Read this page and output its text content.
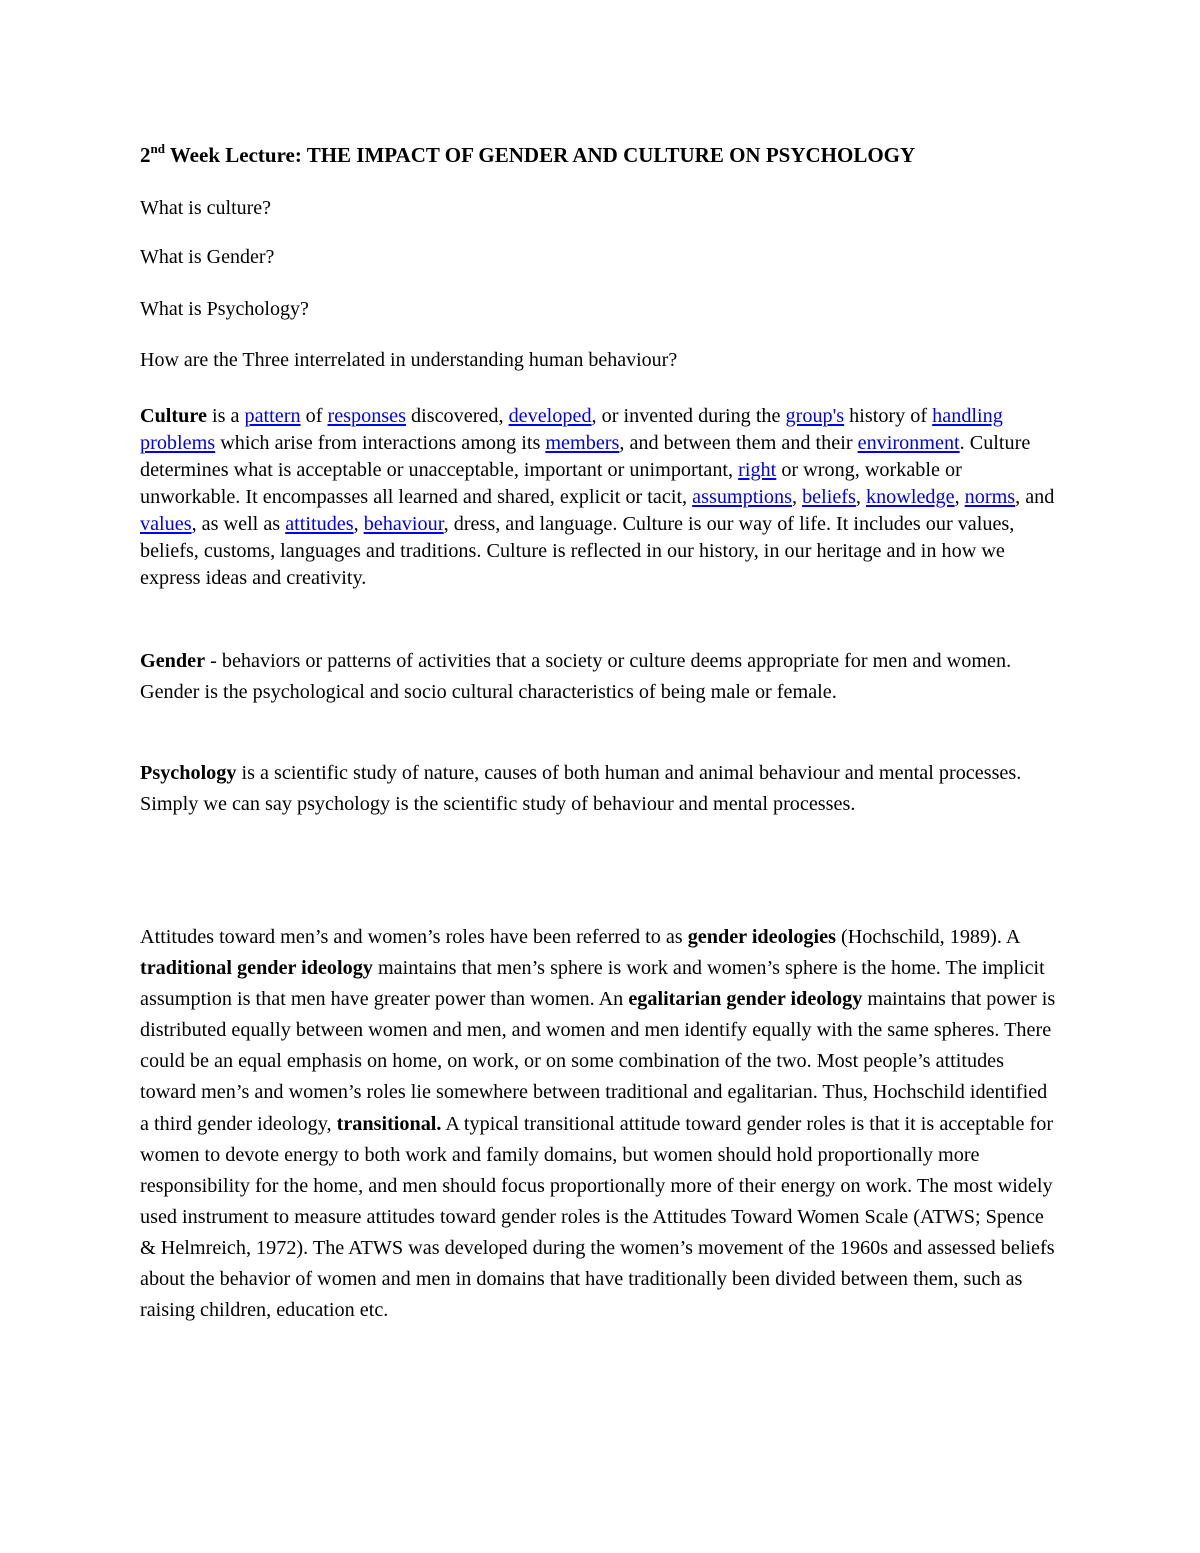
2nd Week Lecture: THE IMPACT OF GENDER AND CULTURE ON PSYCHOLOGY
What is culture?
What is Gender?
What is Psychology?
How are the Three interrelated in understanding human behaviour?
Culture is a pattern of responses discovered, developed, or invented during the group's history of handling problems which arise from interactions among its members, and between them and their environment. Culture determines what is acceptable or unacceptable, important or unimportant, right or wrong, workable or unworkable. It encompasses all learned and shared, explicit or tacit, assumptions, beliefs, knowledge, norms, and values, as well as attitudes, behaviour, dress, and language. Culture is our way of life. It includes our values, beliefs, customs, languages and traditions. Culture is reflected in our history, in our heritage and in how we express ideas and creativity.
Gender - behaviors or patterns of activities that a society or culture deems appropriate for men and women. Gender is the psychological and socio cultural characteristics of being male or female.
Psychology is a scientific study of nature, causes of both human and animal behaviour and mental processes. Simply we can say psychology is the scientific study of behaviour and mental processes.
Attitudes toward men’s and women’s roles have been referred to as gender ideologies (Hochschild, 1989). A traditional gender ideology maintains that men’s sphere is work and women’s sphere is the home. The implicit assumption is that men have greater power than women. An egalitarian gender ideology maintains that power is distributed equally between women and men, and women and men identify equally with the same spheres. There could be an equal emphasis on home, on work, or on some combination of the two. Most people’s attitudes toward men’s and women’s roles lie somewhere between traditional and egalitarian. Thus, Hochschild identified a third gender ideology, transitional. A typical transitional attitude toward gender roles is that it is acceptable for women to devote energy to both work and family domains, but women should hold proportionally more responsibility for the home, and men should focus proportionally more of their energy on work. The most widely used instrument to measure attitudes toward gender roles is the Attitudes Toward Women Scale (ATWS; Spence & Helmreich, 1972). The ATWS was developed during the women’s movement of the 1960s and assessed beliefs about the behavior of women and men in domains that have traditionally been divided between them, such as raising children, education etc.
